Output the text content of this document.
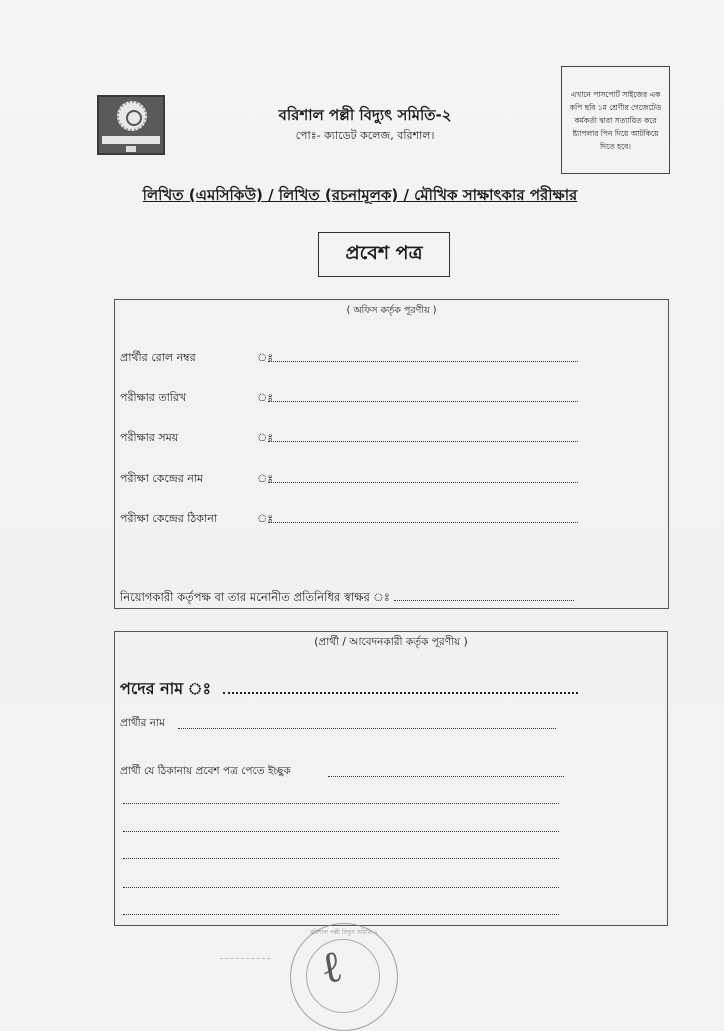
বরিশাল পল্লী বিদ্যুৎ সমিতি-২
পোঃ- ক্যাডেট কলেজ, বরিশাল।
এখানে পাসপোর্ট সাইজের এক কপি ছবি ১ম শ্রেণীর গেজেটেড কর্মকর্তা দ্বারা সত্যায়িত করে ষ্ট্যাপলার পিন দিয়ে আটকিয়ে দিতে হবে।
লিখিত (এমসিকিউ) / লিখিত (রচনামূলক) / মৌখিক সাক্ষাৎকার পরীক্ষার
প্রবেশ পত্র
( অফিস কর্তৃক পূরণীয় )
প্রার্থীর রোল নম্বর	ঃ
পরীক্ষার তারিখ	ঃ
পরীক্ষার সময়	ঃ
পরীক্ষা কেন্দ্রের নাম	ঃ
পরীক্ষা কেন্দ্রের ঠিকানা	ঃ
নিয়োগকারী কর্তৃপক্ষ বা তার মনোনীত প্রতিনিধির স্বাক্ষর ঃ
(প্রার্থী / আবেদনকারী কর্তৃক পূরণীয় )
পদের নাম ঃ
প্রার্থীর নাম
প্রার্থী যে ঠিকানায় প্রবেশ পত্র পেতে ইচ্ছুক
বরিশাল পল্লী বিদ্যুৎ সমিতি-২
ℓ
